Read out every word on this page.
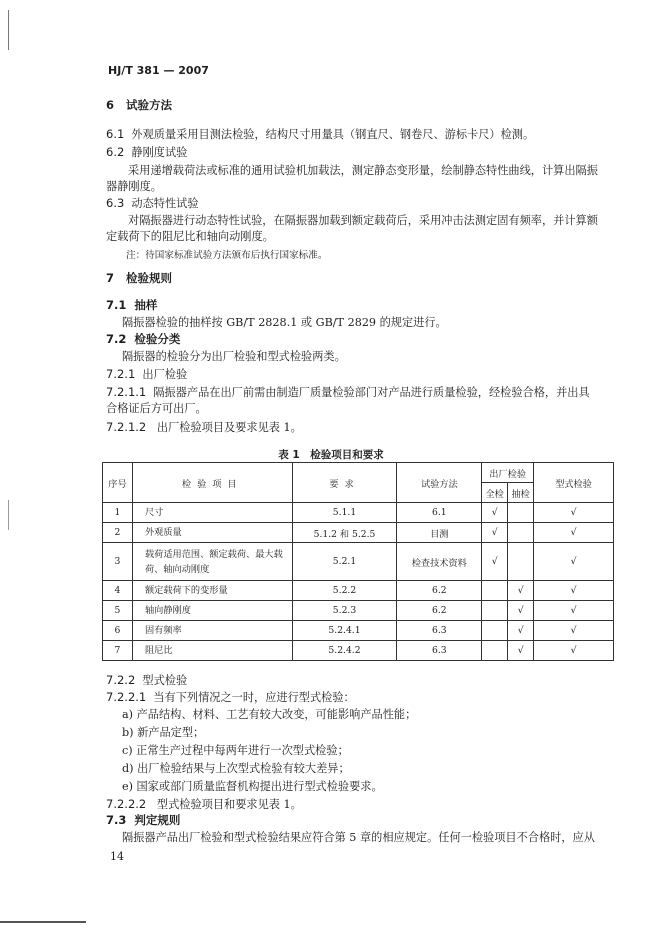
HJ/T 381 — 2007
6 试验方法
6.1 外观质量采用目测法检验，结构尺寸用量具（钢直尺、钢卷尺、游标卡尺）检测。
6.2 静刚度试验
采用递增载荷法或标准的通用试验机加载法，测定静态变形量，绘制静态特性曲线，计算出隔振
器静刚度。
6.3 动态特性试验
对隔振器进行动态特性试验，在隔振器加载到额定载荷后，采用冲击法测定固有频率，并计算额
定载荷下的阻尼比和轴向动刚度。
注：待国家标准试验方法颁布后执行国家标准。
7 检验规则
7.1 抽样
隔振器检验的抽样按 GB/T 2828.1 或 GB/T 2829 的规定进行。
7.2 检验分类
隔振器的检验分为出厂检验和型式检验两类。
7.2.1 出厂检验
7.2.1.1 隔振器产品在出厂前需由制造厂质量检验部门对产品进行质量检验，经检验合格，并出具
合格证后方可出厂。
7.2.1.2 出厂检验项目及要求见表 1。
表 1　检验项目和要求
序号	检验项目	要求	试验方法	出厂检验		型式检验
				全检	抽检	
1	尺寸	5.1.1	6.1	√		√
2	外观质量	5.1.2 和 5.2.5	目测	√		√
3	载荷适用范围、额定载荷、最大载
荷、轴向动刚度	5.2.1	检查技术资料	√		√
4	额定载荷下的变形量	5.2.2	6.2		√	√
5	轴向静刚度	5.2.3	6.2		√	√
6	固有频率	5.2.4.1	6.3		√	√
7	阻尼比	5.2.4.2	6.3		√	√
7.2.2 型式检验
7.2.2.1 当有下列情况之一时，应进行型式检验：
a) 产品结构、材料、工艺有较大改变，可能影响产品性能；
b) 新产品定型；
c) 正常生产过程中每两年进行一次型式检验；
d) 出厂检验结果与上次型式检验有较大差异；
e) 国家或部门质量监督机构提出进行型式检验要求。
7.2.2.2 型式检验项目和要求见表 1。
7.3 判定规则
隔振器产品出厂检验和型式检验结果应符合第 5 章的相应规定。任何一检验项目不合格时，应从
14
